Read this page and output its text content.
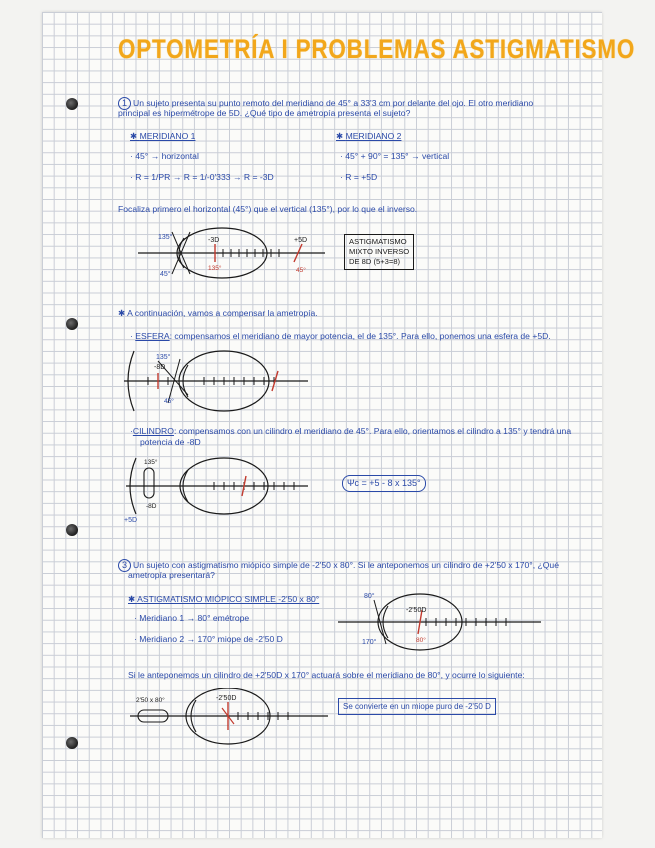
OPTOMETRÍA I PROBLEMAS ASTIGMATISMO
1 Un sujeto presenta su punto remoto del meridiano de 45° a 33'3 cm por delante del ojo. El otro meridiano
principal es hipermétrope de 5D. ¿Qué tipo de ametropía presenta el sujeto?
✱ MERIDIANO 1
· 45° → horizontal
· R = 1/PR → R = 1/-0'333 → R = -3D
✱ MERIDIANO 2
· 45° + 90° = 135° → vertical
· R = +5D
Focaliza primero el horizontal (45°) que el vertical (135°), por lo que el inverso.
135°	-3D	+5D
45°
135°	45°
ASTIGMATISMO
MIXTO INVERSO
DE 8D (5+3=8)
✱ A continuación, vamos a compensar la ametropía.
· ESFERA: compensamos el meridiano de mayor potencia, el de 135°. Para ello, ponemos una esfera de +5D.
135°
-8D
45°
·CILINDRO: compensamos con un cilindro el meridiano de 45°. Para ello, orientamos el cilindro a 135° y tendrá una
potencia de -8D
135°
-8D
+5D
Ψc = +5 - 8 x 135°
3 Un sujeto con astigmatismo miópico simple de -2'50 x 80°. Si le anteponemos un cilindro de +2'50 x 170°, ¿Qué
ametropía presentará?
✱ ASTIGMATISMO MIÓPICO SIMPLE -2'50 x 80°
· Meridiano 1 → 80° emétrope
· Meridiano 2 → 170° miope de -2'50 D
80°
-2'50D
170°	80°
Si le anteponemos un cilindro de +2'50D x 170° actuará sobre el meridiano de 80°, y ocurre lo siguiente:
2'50 x 80°	-2'50D
Se convierte en un miope puro de -2'50 D
